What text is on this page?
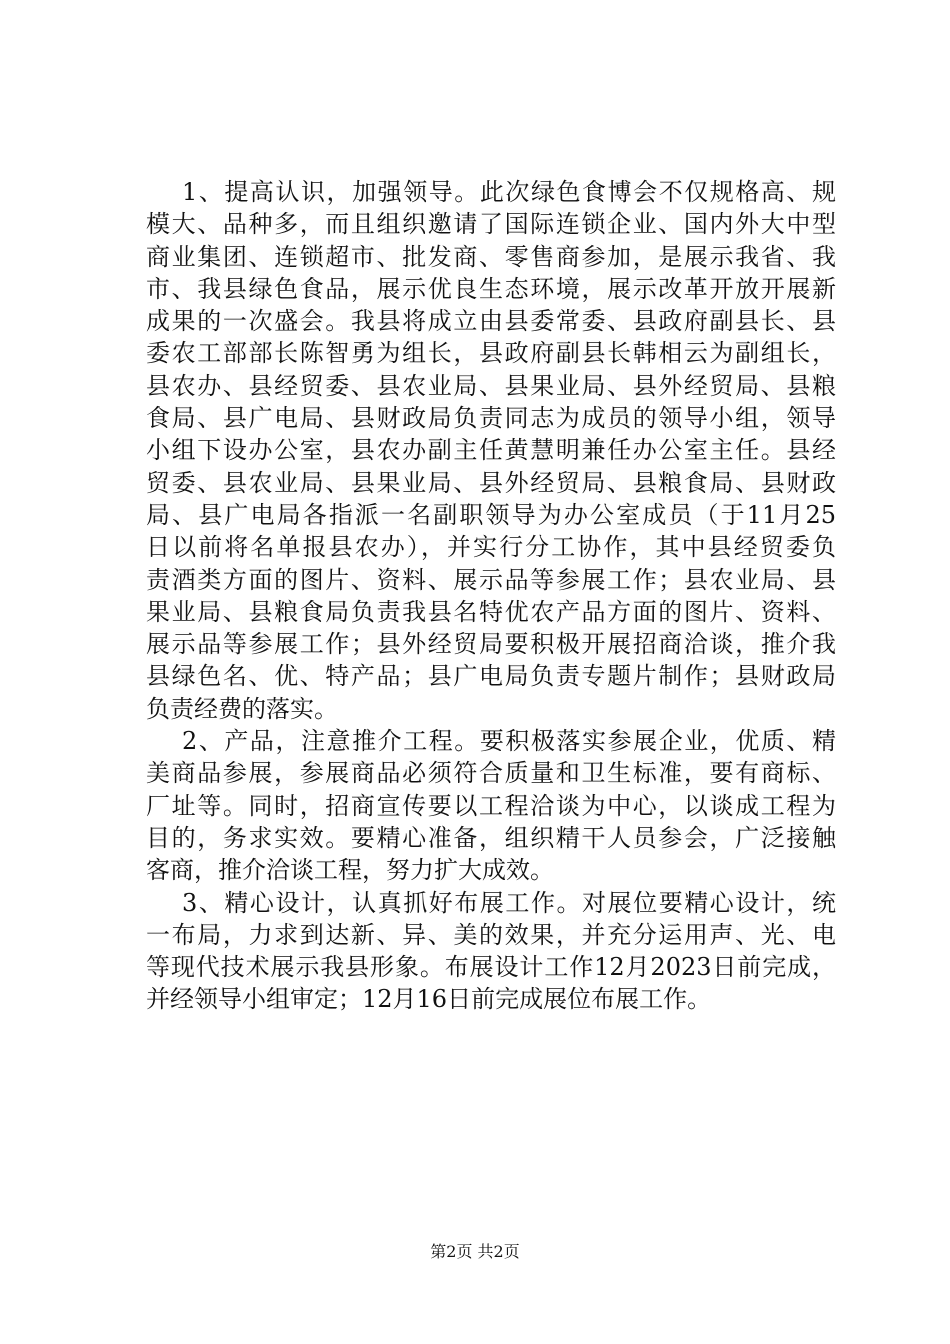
1、提高认识，加强领导。此次绿色食博会不仅规格高、规
模大、品种多，而且组织邀请了国际连锁企业、国内外大中型
商业集团、连锁超市、批发商、零售商参加，是展示我省、我
市、我县绿色食品，展示优良生态环境，展示改革开放开展新
成果的一次盛会。我县将成立由县委常委、县政府副县长、县
委农工部部长陈智勇为组长，县政府副县长韩相云为副组长，
县农办、县经贸委、县农业局、县果业局、县外经贸局、县粮
食局、县广电局、县财政局负责同志为成员的领导小组，领导
小组下设办公室，县农办副主任黄慧明兼任办公室主任。县经
贸委、县农业局、县果业局、县外经贸局、县粮食局、县财政
局、县广电局各指派一名副职领导为办公室成员（于11月25
日以前将名单报县农办），并实行分工协作，其中县经贸委负
责酒类方面的图片、资料、展示品等参展工作；县农业局、县
果业局、县粮食局负责我县名特优农产品方面的图片、资料、
展示品等参展工作；县外经贸局要积极开展招商洽谈，推介我
县绿色名、优、特产品；县广电局负责专题片制作；县财政局
负责经费的落实。
2、产品，注意推介工程。要积极落实参展企业，优质、精
美商品参展，参展商品必须符合质量和卫生标准，要有商标、
厂址等。同时，招商宣传要以工程洽谈为中心，以谈成工程为
目的，务求实效。要精心准备，组织精干人员参会，广泛接触
客商，推介洽谈工程，努力扩大成效。
3、精心设计，认真抓好布展工作。对展位要精心设计，统
一布局，力求到达新、异、美的效果，并充分运用声、光、电
等现代技术展示我县形象。布展设计工作12月2023日前完成，
并经领导小组审定；12月16日前完成展位布展工作。
第2页 共2页
